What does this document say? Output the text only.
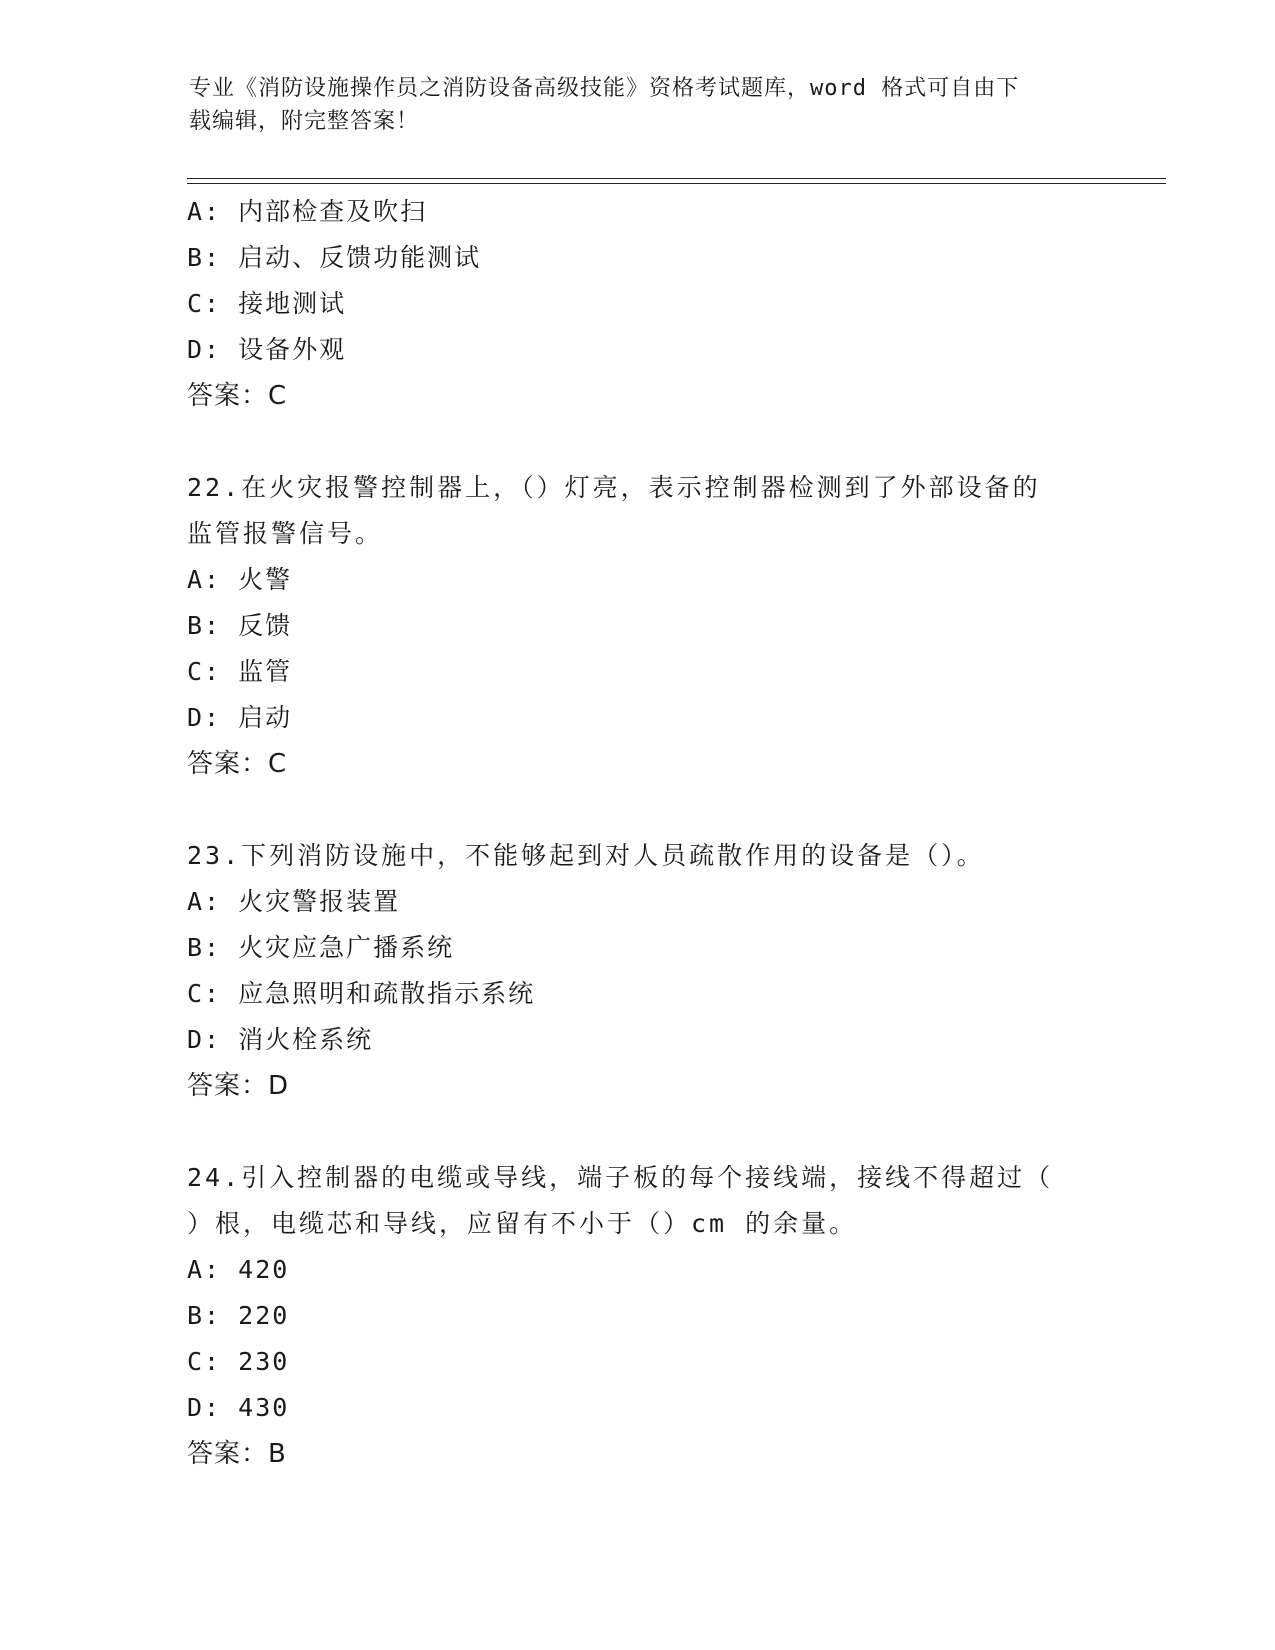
专业《消防设施操作员之消防设备高级技能》资格考试题库，word 格式可自由下
载编辑，附完整答案！
A: 内部检查及吹扫
B: 启动、反馈功能测试
C: 接地测试
D: 设备外观
答案：C
22.在火灾报警控制器上，（）灯亮，表示控制器检测到了外部设备的
监管报警信号。
A: 火警
B: 反馈
C: 监管
D: 启动
答案：C
23.下列消防设施中，不能够起到对人员疏散作用的设备是（）。
A: 火灾警报装置
B: 火灾应急广播系统
C: 应急照明和疏散指示系统
D: 消火栓系统
答案：D
24.引入控制器的电缆或导线，端子板的每个接线端，接线不得超过（
）根，电缆芯和导线，应留有不小于（）cm 的余量。
A: 420
B: 220
C: 230
D: 430
答案：B
